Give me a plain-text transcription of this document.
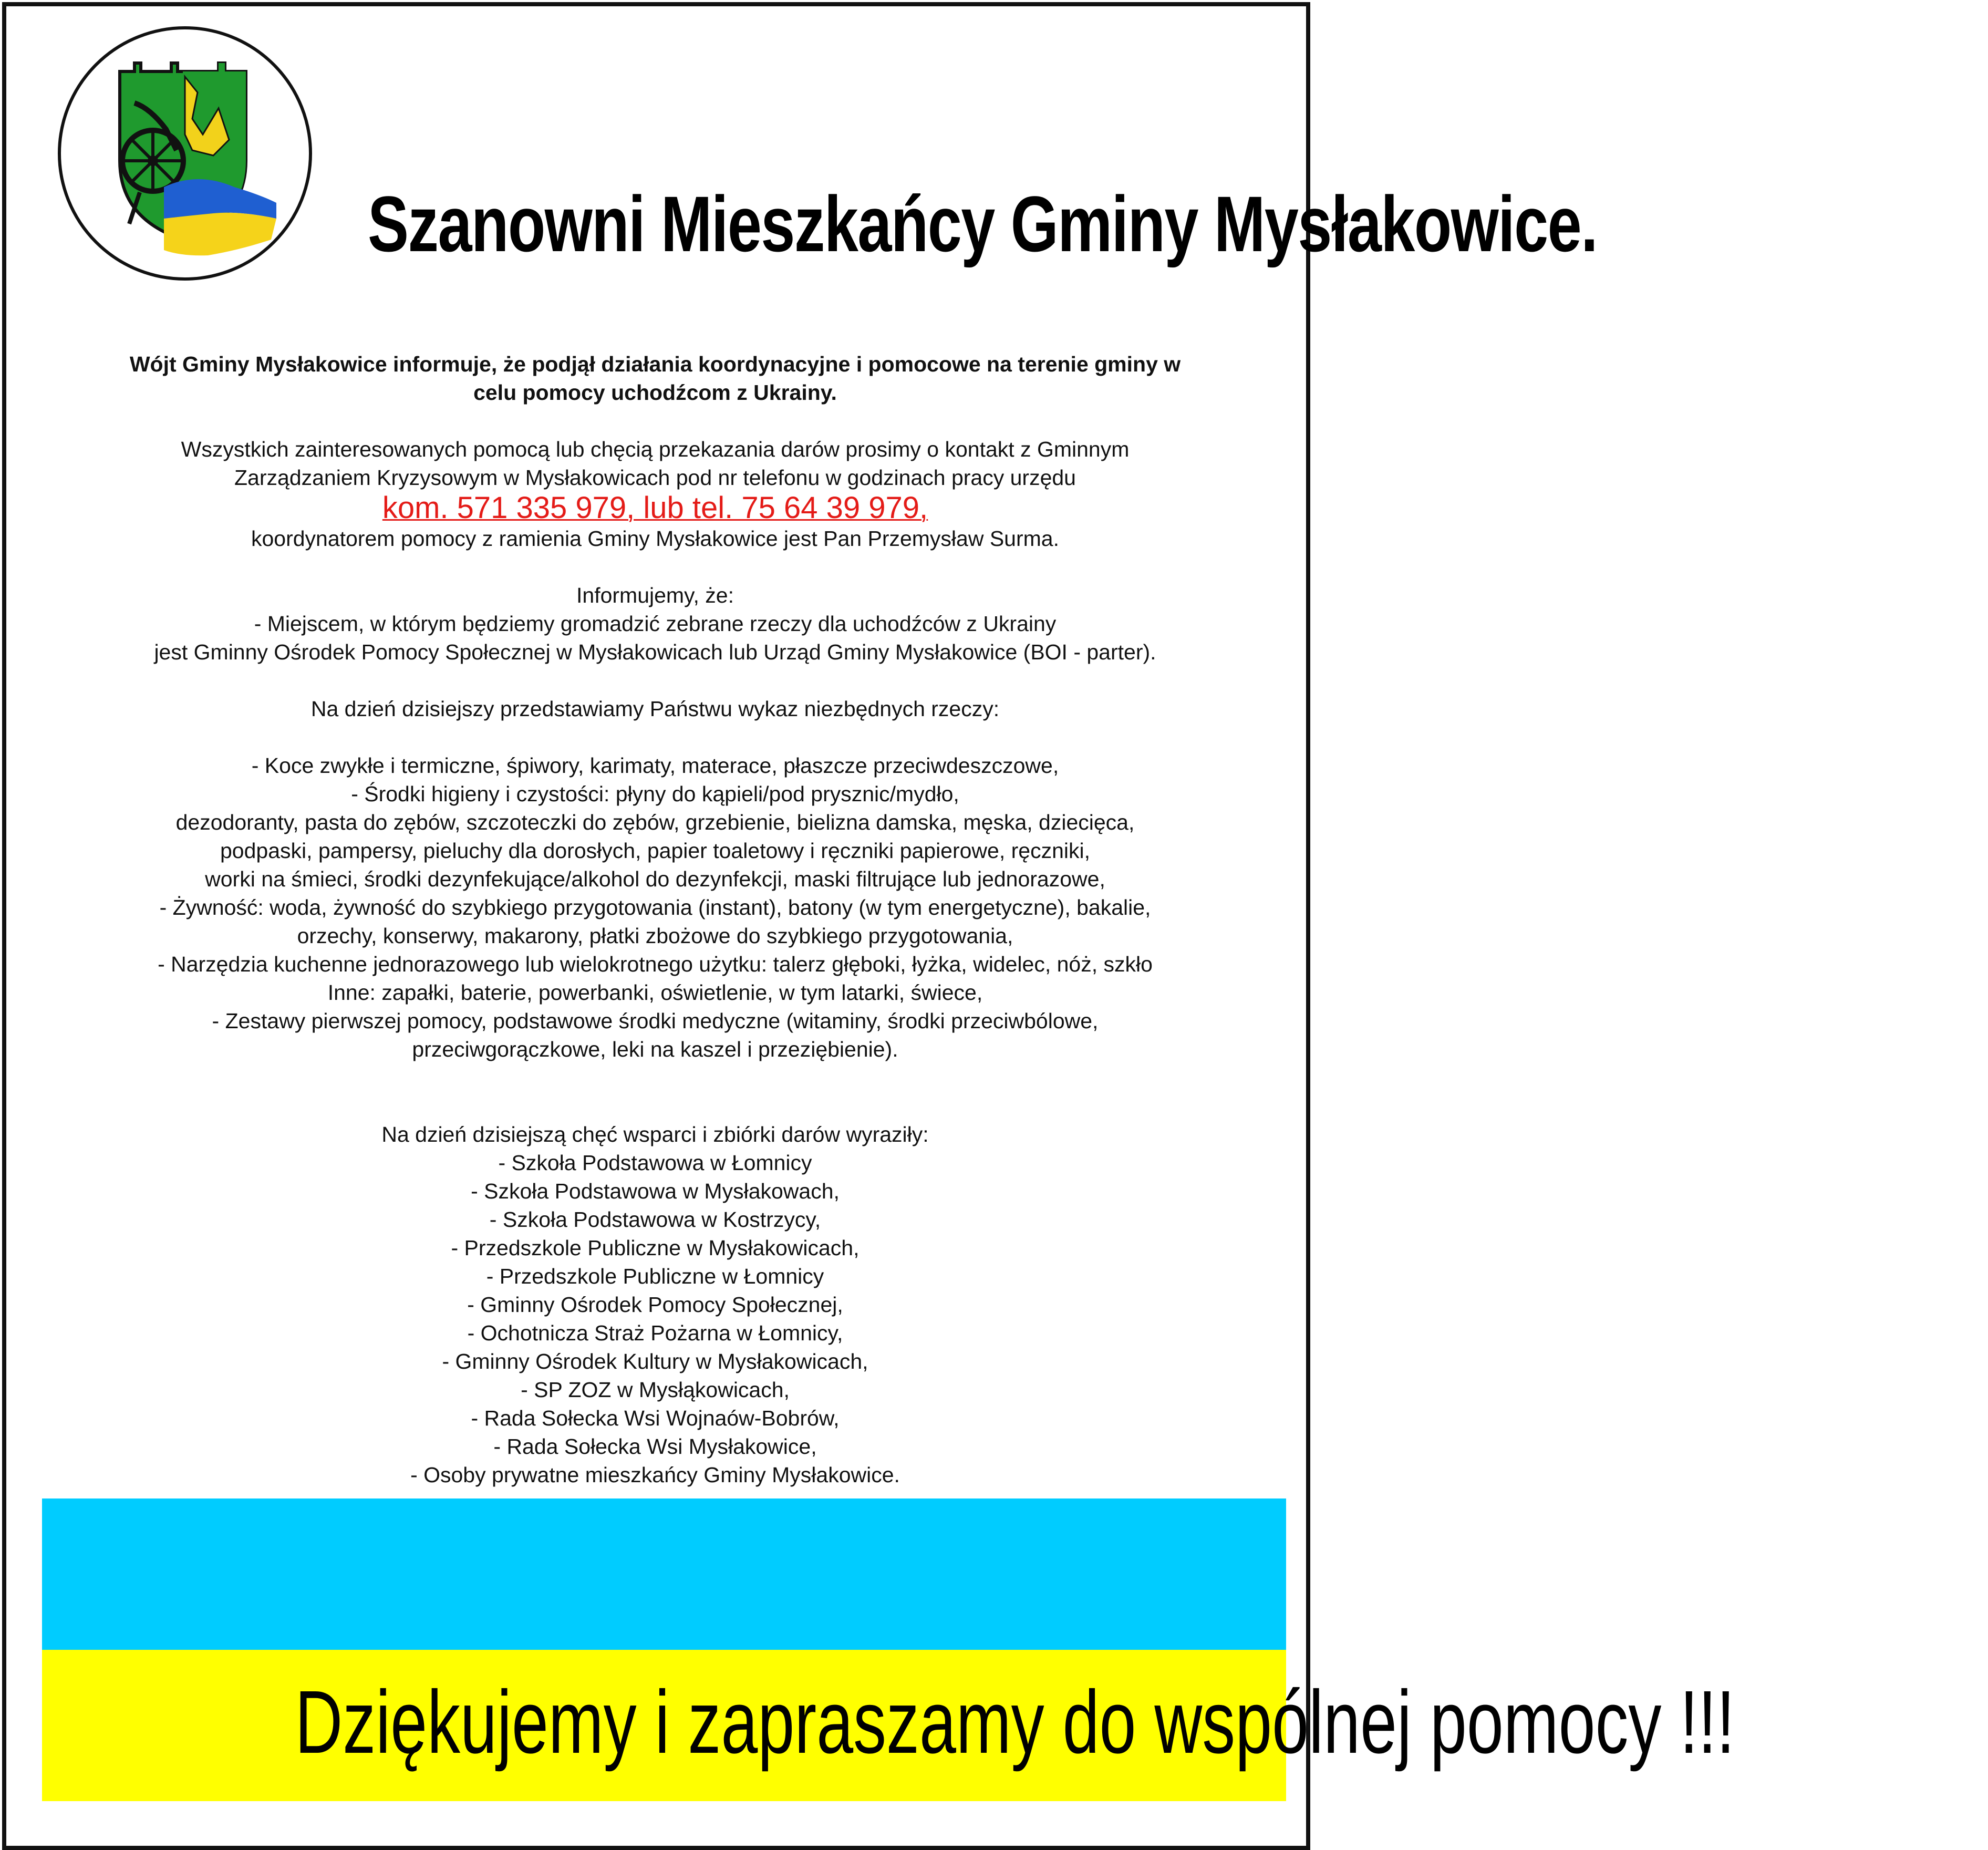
Szanowni Mieszkańcy Gminy Mysłakowice.

Wójt Gminy Mysłakowice informuje, że podjął działania koordynacyjne i pomocowe na terenie gminy w

celu pomocy uchodźcom z Ukrainy.

Wszystkich zainteresowanych pomocą lub chęcią przekazania darów prosimy o kontakt z Gminnym

Zarządzaniem Kryzysowym w Mysłakowicach pod nr telefonu w godzinach pracy urzędu

kom. 571 335 979, lub tel. 75 64 39 979,

koordynatorem pomocy z ramienia Gminy Mysłakowice jest Pan Przemysław Surma.

Informujemy, że:

- Miejscem, w którym będziemy gromadzić zebrane rzeczy dla uchodźców z Ukrainy

jest Gminny Ośrodek Pomocy Społecznej w Mysłakowicach lub Urząd Gminy Mysłakowice (BOI - parter).

Na dzień dzisiejszy przedstawiamy Państwu wykaz niezbędnych rzeczy:

- Koce zwykłe i termiczne, śpiwory, karimaty, materace, płaszcze przeciwdeszczowe,

- Środki higieny i czystości: płyny do kąpieli/pod prysznic/mydło,

dezodoranty, pasta do zębów, szczoteczki do zębów, grzebienie, bielizna damska, męska, dziecięca,

podpaski, pampersy, pieluchy dla dorosłych, papier toaletowy i ręczniki papierowe, ręczniki,

worki na śmieci, środki dezynfekujące/alkohol do dezynfekcji, maski filtrujące lub jednorazowe,

- Żywność: woda, żywność do szybkiego przygotowania (instant), batony (w tym energetyczne), bakalie,

orzechy, konserwy, makarony, płatki zbożowe do szybkiego przygotowania,

- Narzędzia kuchenne jednorazowego lub wielokrotnego użytku: talerz głęboki, łyżka, widelec, nóż, szkło

Inne: zapałki, baterie, powerbanki, oświetlenie, w tym latarki, świece,

- Zestawy pierwszej pomocy, podstawowe środki medyczne (witaminy, środki przeciwbólowe,

przeciwgorączkowe, leki na kaszel i przeziębienie).

Na dzień dzisiejszą chęć wsparci i zbiórki darów wyraziły:

- Szkoła Podstawowa w Łomnicy

- Szkoła Podstawowa w Mysłakowach,

- Szkoła Podstawowa w Kostrzycy,

- Przedszkole Publiczne w Mysłakowicach,

- Przedszkole Publiczne w Łomnicy

- Gminny Ośrodek Pomocy Społecznej,

- Ochotnicza Straż Pożarna w Łomnicy,

- Gminny Ośrodek Kultury w Mysłakowicach,

- SP ZOZ w Mysłąkowicach,

- Rada Sołecka Wsi Wojnaów-Bobrów,

- Rada Sołecka Wsi Mysłakowice,

- Osoby prywatne mieszkańcy Gminy Mysłakowice.

Dziękujemy i zapraszamy do wspólnej pomocy !!!
